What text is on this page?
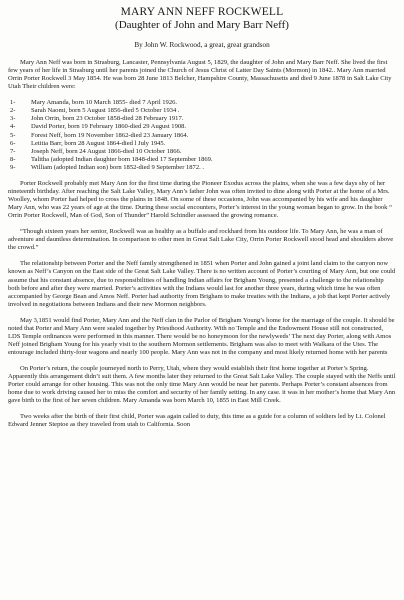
MARY ANN NEFF ROCKWELL
(Daughter of John and Mary Barr Neff)
By John W. Rockwood, a great, great grandson

Mary Ann Neff was born in Strasburg, Lancaster, Pennsylvania August 5, 1829, the daughter of John and Mary Barr Neff. She lived the first few years of her life in Strasburg until her parents joined the Church of Jesus Christ of Latter Day Saints (Mormon) in 1842.. Mary Ann married Orrin Porter Rockwell 3 May 1854. He was born 28 June 1813 Belcher, Hampshire County, Massachusetts and died 9 June 1878 in Salt Lake City Utah Their children were:

1-	Mary Amanda, born 10 March 1855- died 7 April 1926.
2-	Sarah Naomi, born 5 August 1856-died 5 October 1934 .
3-	John Orrin, born 23 October 1858-died 28 February 1917.
4-	David Porter, born 19 February 1860-died 29 August 1908.
5-	Forest Neff, born 19 November 1862-died 23 January 1864.
6-	Letitia Barr, born 28 August 1864-died l July 1945.
7-	Joseph Neff, born 24 August 1866-died 10 October 1866.
8-	Talitha (adopted Indian daughter born 1848-died 17 September 1869.
9-	William (adopted Indian son) born 1852-died 9 September 1872. .

Porter Rockwell probably met Mary Ann for the first time during the Pioneer Exodus across the plains, when she was a few days shy of her nineteenth birthday. After reaching the Salt Lake Valley, Mary Ann’s father John was often invited to dine along with Porter at the home of a Mrs. Woolley, whom Porter had helped to cross the plains in 1848. On some of these occasions, John was accompanied by his wife and his daughter Mary Ann, who was 22 years of age at the time. During these social encounters, Porter’s interest in the young woman began to grow. In the book “ Orrin Porter Rockwell, Man of God, Son of Thunder” Harold Schindler assessed the growing romance.

“Though sixteen years her senior, Rockwell was as healthy as a buffalo and rockhard from his outdoor life. To Mary Ann, he was a man of adventure and dauntless determination. In comparison to other men in Great Salt Lake City, Orrin Porter Rockwell stood head and shoulders above the crowd.”

The relationship between Porter and the Neff family strengthened in 1851 when Porter and John gained a joint land claim to the canyon now known as Neff’s Canyon on the East side of the Great Salt Lake Valley. There is no written account of Porter’s courting of Mary Ann, but one could assume that his constant absence, due to responsibilities of handling Indian affairs for Brigham Young, presented a challenge to the relationship both before and after they were married. Porter’s activities with the Indians would last for another three years, during which time he was often accompanied by George Bean and Amos Neff. Porter had authority from Brigham to make treaties with the Indians, a job that kept Porter actively involved in negotiations between Indians and their new Mormon neighbors.

May 3,1851 would find Porter, Mary Ann and the Neff clan in the Parlor of Brigham Young’s home for the marriage of the couple. It should be noted that Porter and Mary Ann were sealed together by Priesthood Authority. With no Temple and the Endowment House still not constructed, LDS Temple ordinances were performed in this manner. There would be no honeymoon for the newlyweds’ The next day Porter, along with Amos Neff joined Brigham Young for his yearly visit to the southern Mormon settlements. Brigham was also to meet with Walkara of the Utes. The entourage included thirty-four wagons and nearly 100 people. Mary Ann was not in the company and most likely returned home with her parents

On Porter’s return, the couple journeyed north to Perry, Utah, where they would establish their first home together at Porter’s Spring. Apparently this arrangement didn’t suit them. A few months later they returned to the Great Salt Lake Valley. The couple stayed with the Neffs until Porter could arrange for other housing. This was not the only time Mary Ann would be near her parents. Perhaps Porter’s constant absences from home due to work driving caused her to miss the comfort and security of her family setting. In any case. it was in her mother’s home that Mary Ann gave birth to the first of her seven children. Mary Amanda was born March 10, 1855 in East Mill Creek.

Two weeks after the birth of their first child, Porter was again called to duty, this time as a guide for a column of soldiers led by Lt. Colonel Edward Jenner Steptoe as they traveled from utah to California. Soon
